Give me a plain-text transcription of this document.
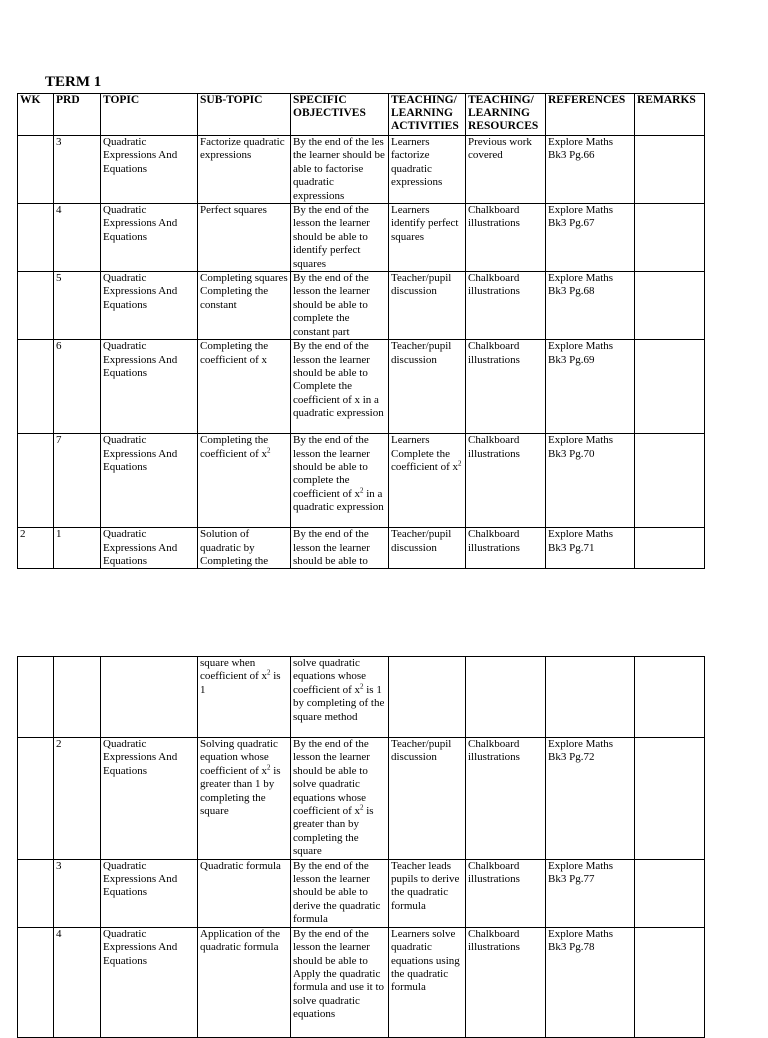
TERM 1
WK	PRD	TOPIC	SUB-TOPIC	SPECIFIC OBJECTIVES	TEACHING/ LEARNING ACTIVITIES	TEACHING/ LEARNING RESOURCES	REFERENCES	REMARKS
	3	Quadratic Expressions And Equations	Factorize quadratic expressions	By the end of the les the learner should be able to factorise quadratic expressions	Learners factorize quadratic expressions	Previous work covered	Explore Maths Bk3 Pg.66	
	4	Quadratic Expressions And Equations	Perfect squares	By the end of the lesson the learner should be able to identify perfect squares	Learners identify perfect squares	Chalkboard illustrations	Explore Maths Bk3 Pg.67	
	5	Quadratic Expressions And Equations	Completing squares Completing the constant	By the end of the lesson the learner should be able to complete the constant part	Teacher/pupil discussion	Chalkboard illustrations	Explore Maths Bk3 Pg.68	
	6	Quadratic Expressions And Equations	Completing the coefficient of x	By the end of the lesson the learner should be able to Complete the coefficient of x in a quadratic expression	Teacher/pupil discussion	Chalkboard illustrations	Explore Maths Bk3 Pg.69	
	7	Quadratic Expressions And Equations	Completing the coefficient of $x^2$	By the end of the lesson the learner should be able to complete the coefficient of $x^2$ in a quadratic expression	Learners Complete the coefficient of $x^2$	Chalkboard illustrations	Explore Maths Bk3 Pg.70	
2	1	Quadratic Expressions And Equations	Solution of quadratic by Completing the	By the end of the lesson the learner should be able to	Teacher/pupil discussion	Chalkboard illustrations	Explore Maths Bk3 Pg.71	
			square when coefficient of $x^2$ is 1	solve quadratic equations whose coefficient of $x^2$ is 1 by completing of the square method				
	2	Quadratic Expressions And Equations	Solving quadratic equation whose coefficient of $x^2$ is greater than 1 by completing the square	By the end of the lesson the learner should be able to solve quadratic equations whose coefficient of $x^2$ is greater than by completing the square	Teacher/pupil discussion	Chalkboard illustrations	Explore Maths Bk3 Pg.72	
	3	Quadratic Expressions And Equations	Quadratic formula	By the end of the lesson the learner should be able to derive the quadratic formula	Teacher leads pupils to derive the quadratic formula	Chalkboard illustrations	Explore Maths Bk3 Pg.77	
	4	Quadratic Expressions And Equations	Application of the quadratic formula	By the end of the lesson the learner should be able to Apply the quadratic formula and use it to solve quadratic equations	Learners solve quadratic equations using the quadratic formula	Chalkboard illustrations	Explore Maths Bk3 Pg.78	
